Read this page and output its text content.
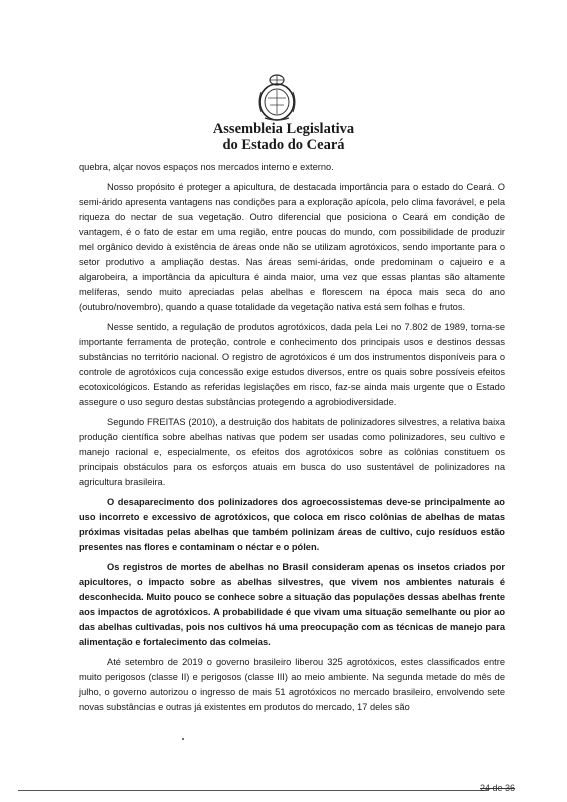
Assembleia Legislativa
do Estado do Ceará

quebra, alçar novos espaços nos mercados interno e externo.

Nosso propósito é proteger a apicultura, de destacada importância para o estado do Ceará. O semi-árido apresenta vantagens nas condições para a exploração apícola, pelo clima favorável, e pela riqueza do nectar de sua vegetação. Outro diferencial que posiciona o Ceará em condição de vantagem, é o fato de estar em uma região, entre poucas do mundo, com possibilidade de produzir mel orgânico devido à existência de áreas onde não se utilizam agrotóxicos, sendo importante para o setor produtivo a ampliação destas. Nas áreas semi-áridas, onde predominam o cajueiro e a algarobeira, a importância da apicultura é ainda maior, uma vez que essas plantas são altamente melíferas, sendo muito apreciadas pelas abelhas e florescem na época mais seca do ano (outubro/novembro), quando a quase totalidade da vegetação nativa está sem folhas e frutos.

Nesse sentido, a regulação de produtos agrotóxicos, dada pela Lei no 7.802 de 1989, torna-se importante ferramenta de proteção, controle e conhecimento dos principais usos e destinos dessas substâncias no território nacional. O registro de agrotóxicos é um dos instrumentos disponíveis para o controle de agrotóxicos cuja concessão exige estudos diversos, entre os quais sobre possíveis efeitos ecotoxicológicos. Estando as referidas legislações em risco, faz-se ainda mais urgente que o Estado assegure o uso seguro destas substâncias protegendo a agrobiodiversidade.

Segundo FREITAS (2010), a destruição dos habitats de polinizadores silvestres, a relativa baixa produção científica sobre abelhas nativas que podem ser usadas como polinizadores, seu cultivo e manejo racional e, especialmente, os efeitos dos agrotóxicos sobre as colônias constituem os principais obstáculos para os esforços atuais em busca do uso sustentável de polinizadores na agricultura brasileira.

O desaparecimento dos polinizadores dos agroecossistemas deve-se principalmente ao uso incorreto e excessivo de agrotóxicos, que coloca em risco colônias de abelhas de matas próximas visitadas pelas abelhas que também polinizam áreas de cultivo, cujo resíduos estão presentes nas flores e contaminam o néctar e o pólen.

Os registros de mortes de abelhas no Brasil consideram apenas os insetos criados por apicultores, o impacto sobre as abelhas silvestres, que vivem nos ambientes naturais é desconhecida. Muito pouco se conhece sobre a situação das populações dessas abelhas frente aos impactos de agrotóxicos. A probabilidade é que vivam uma situação semelhante ou pior ao das abelhas cultivadas, pois nos cultivos há uma preocupação com as técnicas de manejo para alimentação e fortalecimento das colmeias.

Até setembro de 2019 o governo brasileiro liberou 325 agrotóxicos, estes classificados entre muito perigosos (classe II) e perigosos (classe III) ao meio ambiente. Na segunda metade do mês de julho, o governo autorizou o ingresso de mais 51 agrotóxicos no mercado brasileiro, envolvendo sete novas substâncias e outras já existentes em produtos do mercado, 17 deles são

24 de 36
